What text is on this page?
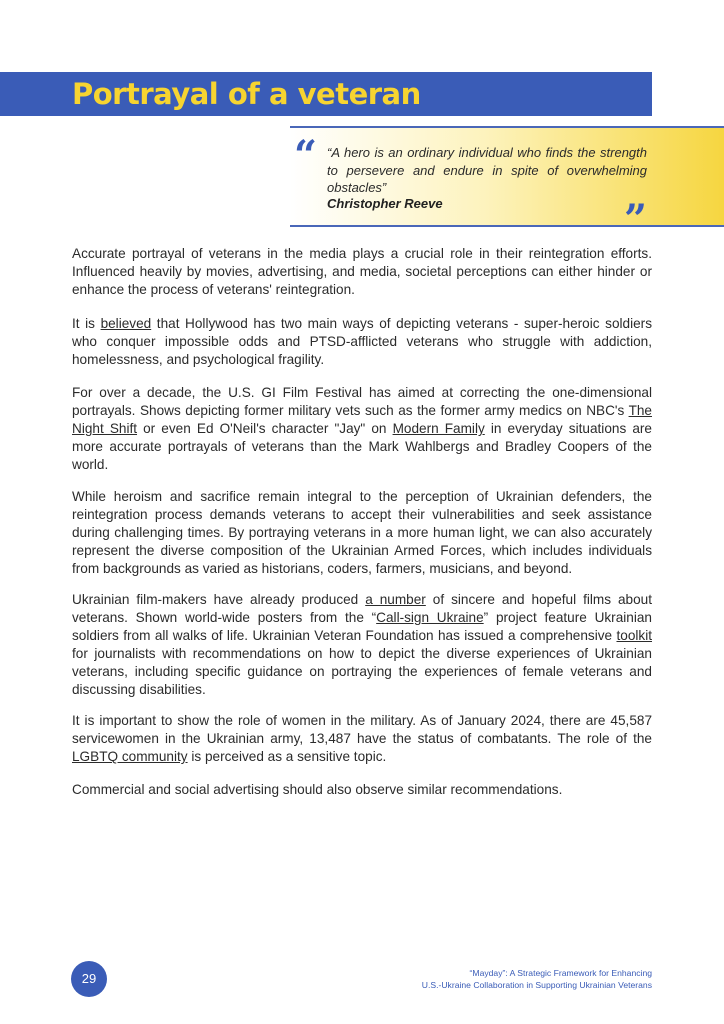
Portrayal of a veteran
“ “A hero is an ordinary individual who finds the strength to persevere and endure in spite of overwhelming obstacles”
Christopher Reeve	”

Accurate portrayal of veterans in the media plays a crucial role in their reintegration efforts. Influenced heavily by movies, advertising, and media, societal perceptions can either hinder or enhance the process of veterans' reintegration.

It is believed that Hollywood has two main ways of depicting veterans - super-heroic soldiers who conquer impossible odds and PTSD-afflicted veterans who struggle with addiction, homelessness, and psychological fragility.

For over a decade, the U.S. GI Film Festival has aimed at correcting the one-dimensional portrayals. Shows depicting former military vets such as the former army medics on NBC's The Night Shift or even Ed O'Neil's character "Jay" on Modern Family in everyday situations are more accurate portrayals of veterans than the Mark Wahlbergs and Bradley Coopers of the world.

While heroism and sacrifice remain integral to the perception of Ukrainian defenders, the reintegration process demands veterans to accept their vulnerabilities and seek assistance during challenging times. By portraying veterans in a more human light, we can also accurately represent the diverse composition of the Ukrainian Armed Forces, which includes individuals from backgrounds as varied as historians, coders, farmers, musicians, and beyond.

Ukrainian film-makers have already produced a number of sincere and hopeful films about veterans. Shown world-wide posters from the “Call-sign Ukraine” project feature Ukrainian soldiers from all walks of life. Ukrainian Veteran Foundation has issued a comprehensive toolkit for journalists with recommendations on how to depict the diverse experiences of Ukrainian veterans, including specific guidance on portraying the experiences of female veterans and discussing disabilities.

It is important to show the role of women in the military. As of January 2024, there are 45,587 servicewomen in the Ukrainian army, 13,487 have the status of combatants. The role of the LGBTQ community is perceived as a sensitive topic.

Commercial and social advertising should also observe similar recommendations.

29	“Mayday”: A Strategic Framework for Enhancing
U.S.-Ukraine Collaboration in Supporting Ukrainian Veterans
